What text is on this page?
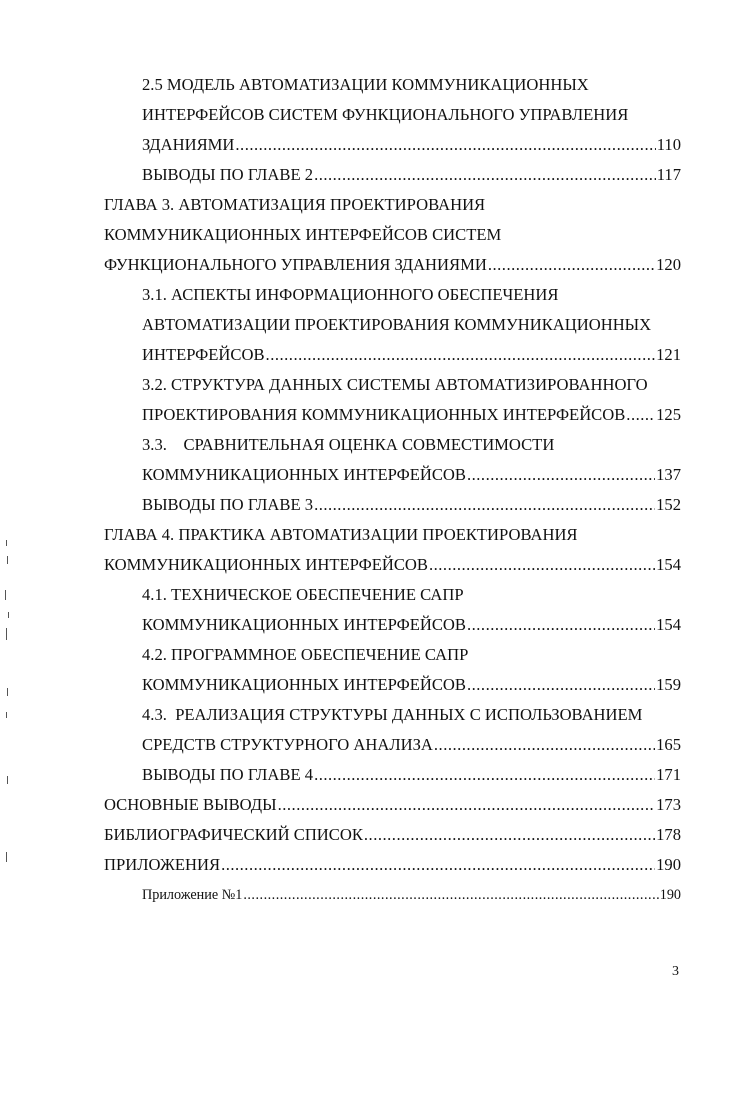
2.5 МОДЕЛЬ АВТОМАТИЗАЦИИ КОММУНИКАЦИОННЫХ
ИНТЕРФЕЙСОВ СИСТЕМ ФУНКЦИОНАЛЬНОГО УПРАВЛЕНИЯ
ЗДАНИЯМИ .....	110
ВЫВОДЫ ПО ГЛАВЕ 2 .....	117
ГЛАВА 3. АВТОМАТИЗАЦИЯ ПРОЕКТИРОВАНИЯ
КОММУНИКАЦИОННЫХ ИНТЕРФЕЙСОВ СИСТЕМ
ФУНКЦИОНАЛЬНОГО УПРАВЛЕНИЯ ЗДАНИЯМИ .....	120
3.1. АСПЕКТЫ ИНФОРМАЦИОННОГО ОБЕСПЕЧЕНИЯ
АВТОМАТИЗАЦИИ ПРОЕКТИРОВАНИЯ КОММУНИКАЦИОННЫХ
ИНТЕРФЕЙСОВ .....	121
3.2. СТРУКТУРА ДАННЫХ СИСТЕМЫ АВТОМАТИЗИРОВАННОГО
ПРОЕКТИРОВАНИЯ КОММУНИКАЦИОННЫХ ИНТЕРФЕЙСОВ ..... 125
3.3.    СРАВНИТЕЛЬНАЯ ОЦЕНКА СОВМЕСТИМОСТИ
КОММУНИКАЦИОННЫХ ИНТЕРФЕЙСОВ .....	137
ВЫВОДЫ ПО ГЛАВЕ 3 .....	152
ГЛАВА 4. ПРАКТИКА АВТОМАТИЗАЦИИ ПРОЕКТИРОВАНИЯ
КОММУНИКАЦИОННЫХ ИНТЕРФЕЙСОВ .....	154
4.1. ТЕХНИЧЕСКОЕ ОБЕСПЕЧЕНИЕ САПР
КОММУНИКАЦИОННЫХ ИНТЕРФЕЙСОВ .....	154
4.2. ПРОГРАММНОЕ ОБЕСПЕЧЕНИЕ САПР
КОММУНИКАЦИОННЫХ ИНТЕРФЕЙСОВ .....	159
4.3.  РЕАЛИЗАЦИЯ СТРУКТУРЫ ДАННЫХ С ИСПОЛЬЗОВАНИЕМ
СРЕДСТВ СТРУКТУРНОГО АНАЛИЗА .....	165
ВЫВОДЫ ПО ГЛАВЕ 4 .....	171
ОСНОВНЫЕ ВЫВОДЫ .....	173
БИБЛИОГРАФИЧЕСКИЙ СПИСОК .....	178
ПРИЛОЖЕНИЯ .....	190
Приложение №1 .....	190
3
